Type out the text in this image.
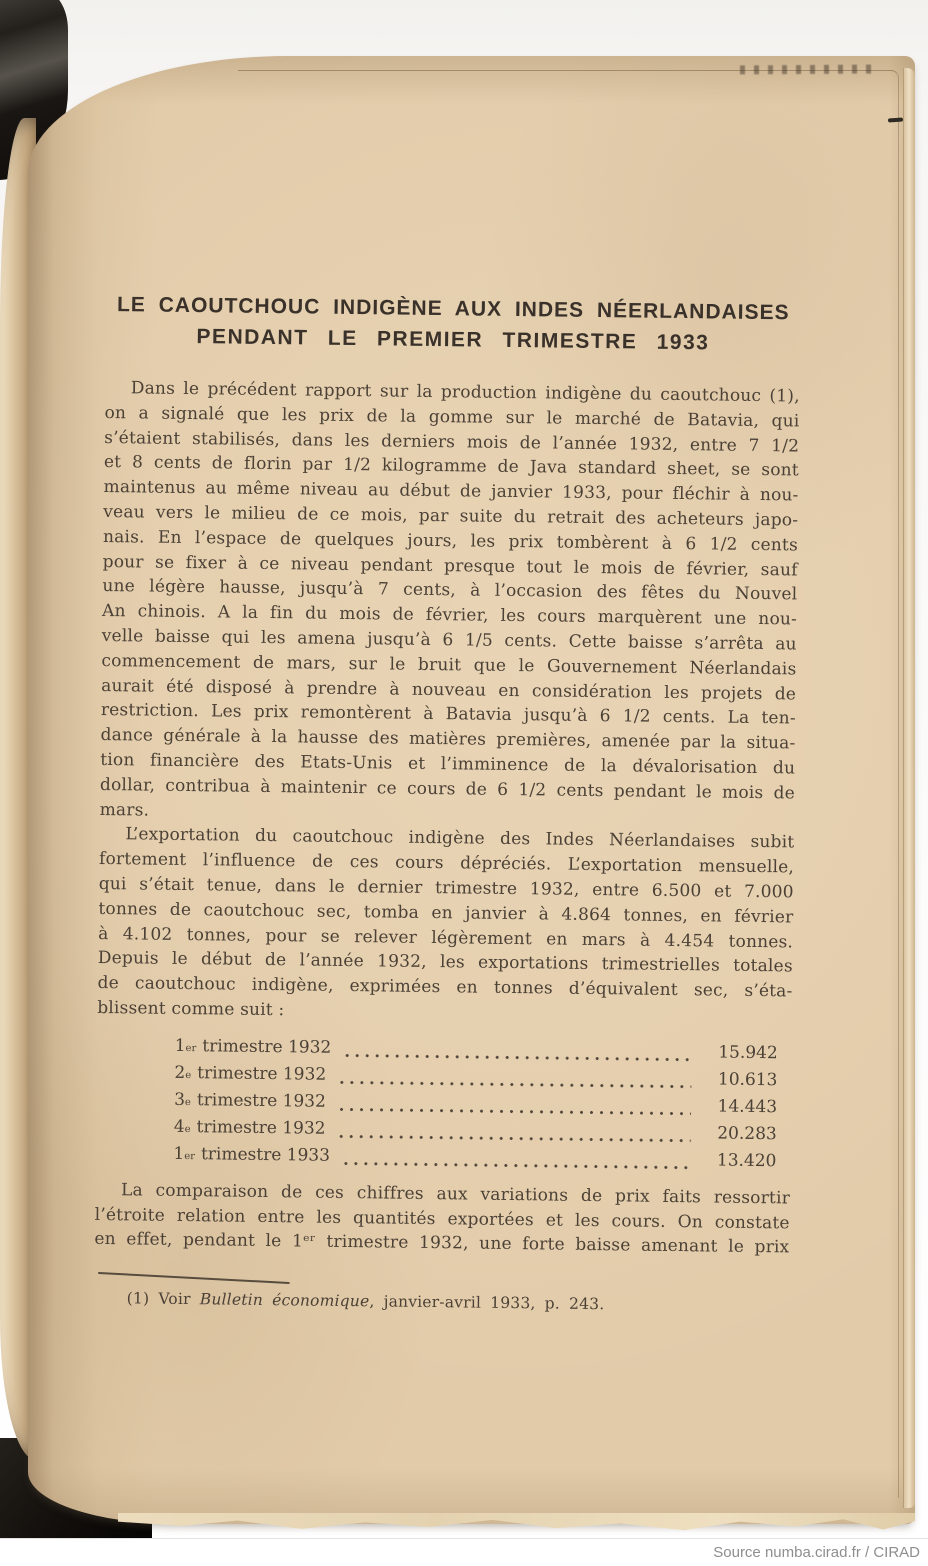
LE CAOUTCHOUC INDIGÈNE AUX INDES NÉERLANDAISES
PENDANT LE PREMIER TRIMESTRE 1933
Dans le précédent rapport sur la production indigène du caoutchouc (1),
on a signalé que les prix de la gomme sur le marché de Batavia, qui
s’étaient stabilisés, dans les derniers mois de l’année 1932, entre 7 1/2
et 8 cents de florin par 1/2 kilogramme de Java standard sheet, se sont
maintenus au même niveau au début de janvier 1933, pour fléchir à nou-
veau vers le milieu de ce mois, par suite du retrait des acheteurs japo-
nais. En l’espace de quelques jours, les prix tombèrent à 6 1/2 cents
pour se fixer à ce niveau pendant presque tout le mois de février, sauf
une légère hausse, jusqu’à 7 cents, à l’occasion des fêtes du Nouvel
An chinois. A la fin du mois de février, les cours marquèrent une nou-
velle baisse qui les amena jusqu’à 6 1/5 cents. Cette baisse s’arrêta au
commencement de mars, sur le bruit que le Gouvernement Néerlandais
aurait été disposé à prendre à nouveau en considération les projets de
restriction. Les prix remontèrent à Batavia jusqu’à 6 1/2 cents. La ten-
dance générale à la hausse des matières premières, amenée par la situa-
tion financière des Etats-Unis et l’imminence de la dévalorisation du
dollar, contribua à maintenir ce cours de 6 1/2 cents pendant le mois de
mars.
L’exportation du caoutchouc indigène des Indes Néerlandaises subit
fortement l’influence de ces cours dépréciés. L’exportation mensuelle,
qui s’était tenue, dans le dernier trimestre 1932, entre 6.500 et 7.000
tonnes de caoutchouc sec, tomba en janvier à 4.864 tonnes, en février
à 4.102 tonnes, pour se relever légèrement en mars à 4.454 tonnes.
Depuis le début de l’année 1932, les exportations trimestrielles totales
de caoutchouc indigène, exprimées en tonnes d’équivalent sec, s’éta-
blissent comme suit :
1 er trimestre 1932	15.942
2 e trimestre 1932	10.613
3 e trimestre 1932	14.443
4 e trimestre 1932	20.283
1 er trimestre 1933	13.420
La comparaison de ces chiffres aux variations de prix faits ressortir
l’étroite relation entre les quantités exportées et les cours. On constate
en effet, pendant le 1ᵉʳ trimestre 1932, une forte baisse amenant le prix
(1) Voir Bulletin économique, janvier-avril 1933, p. 243.
Source numba.cirad.fr / CIRAD
